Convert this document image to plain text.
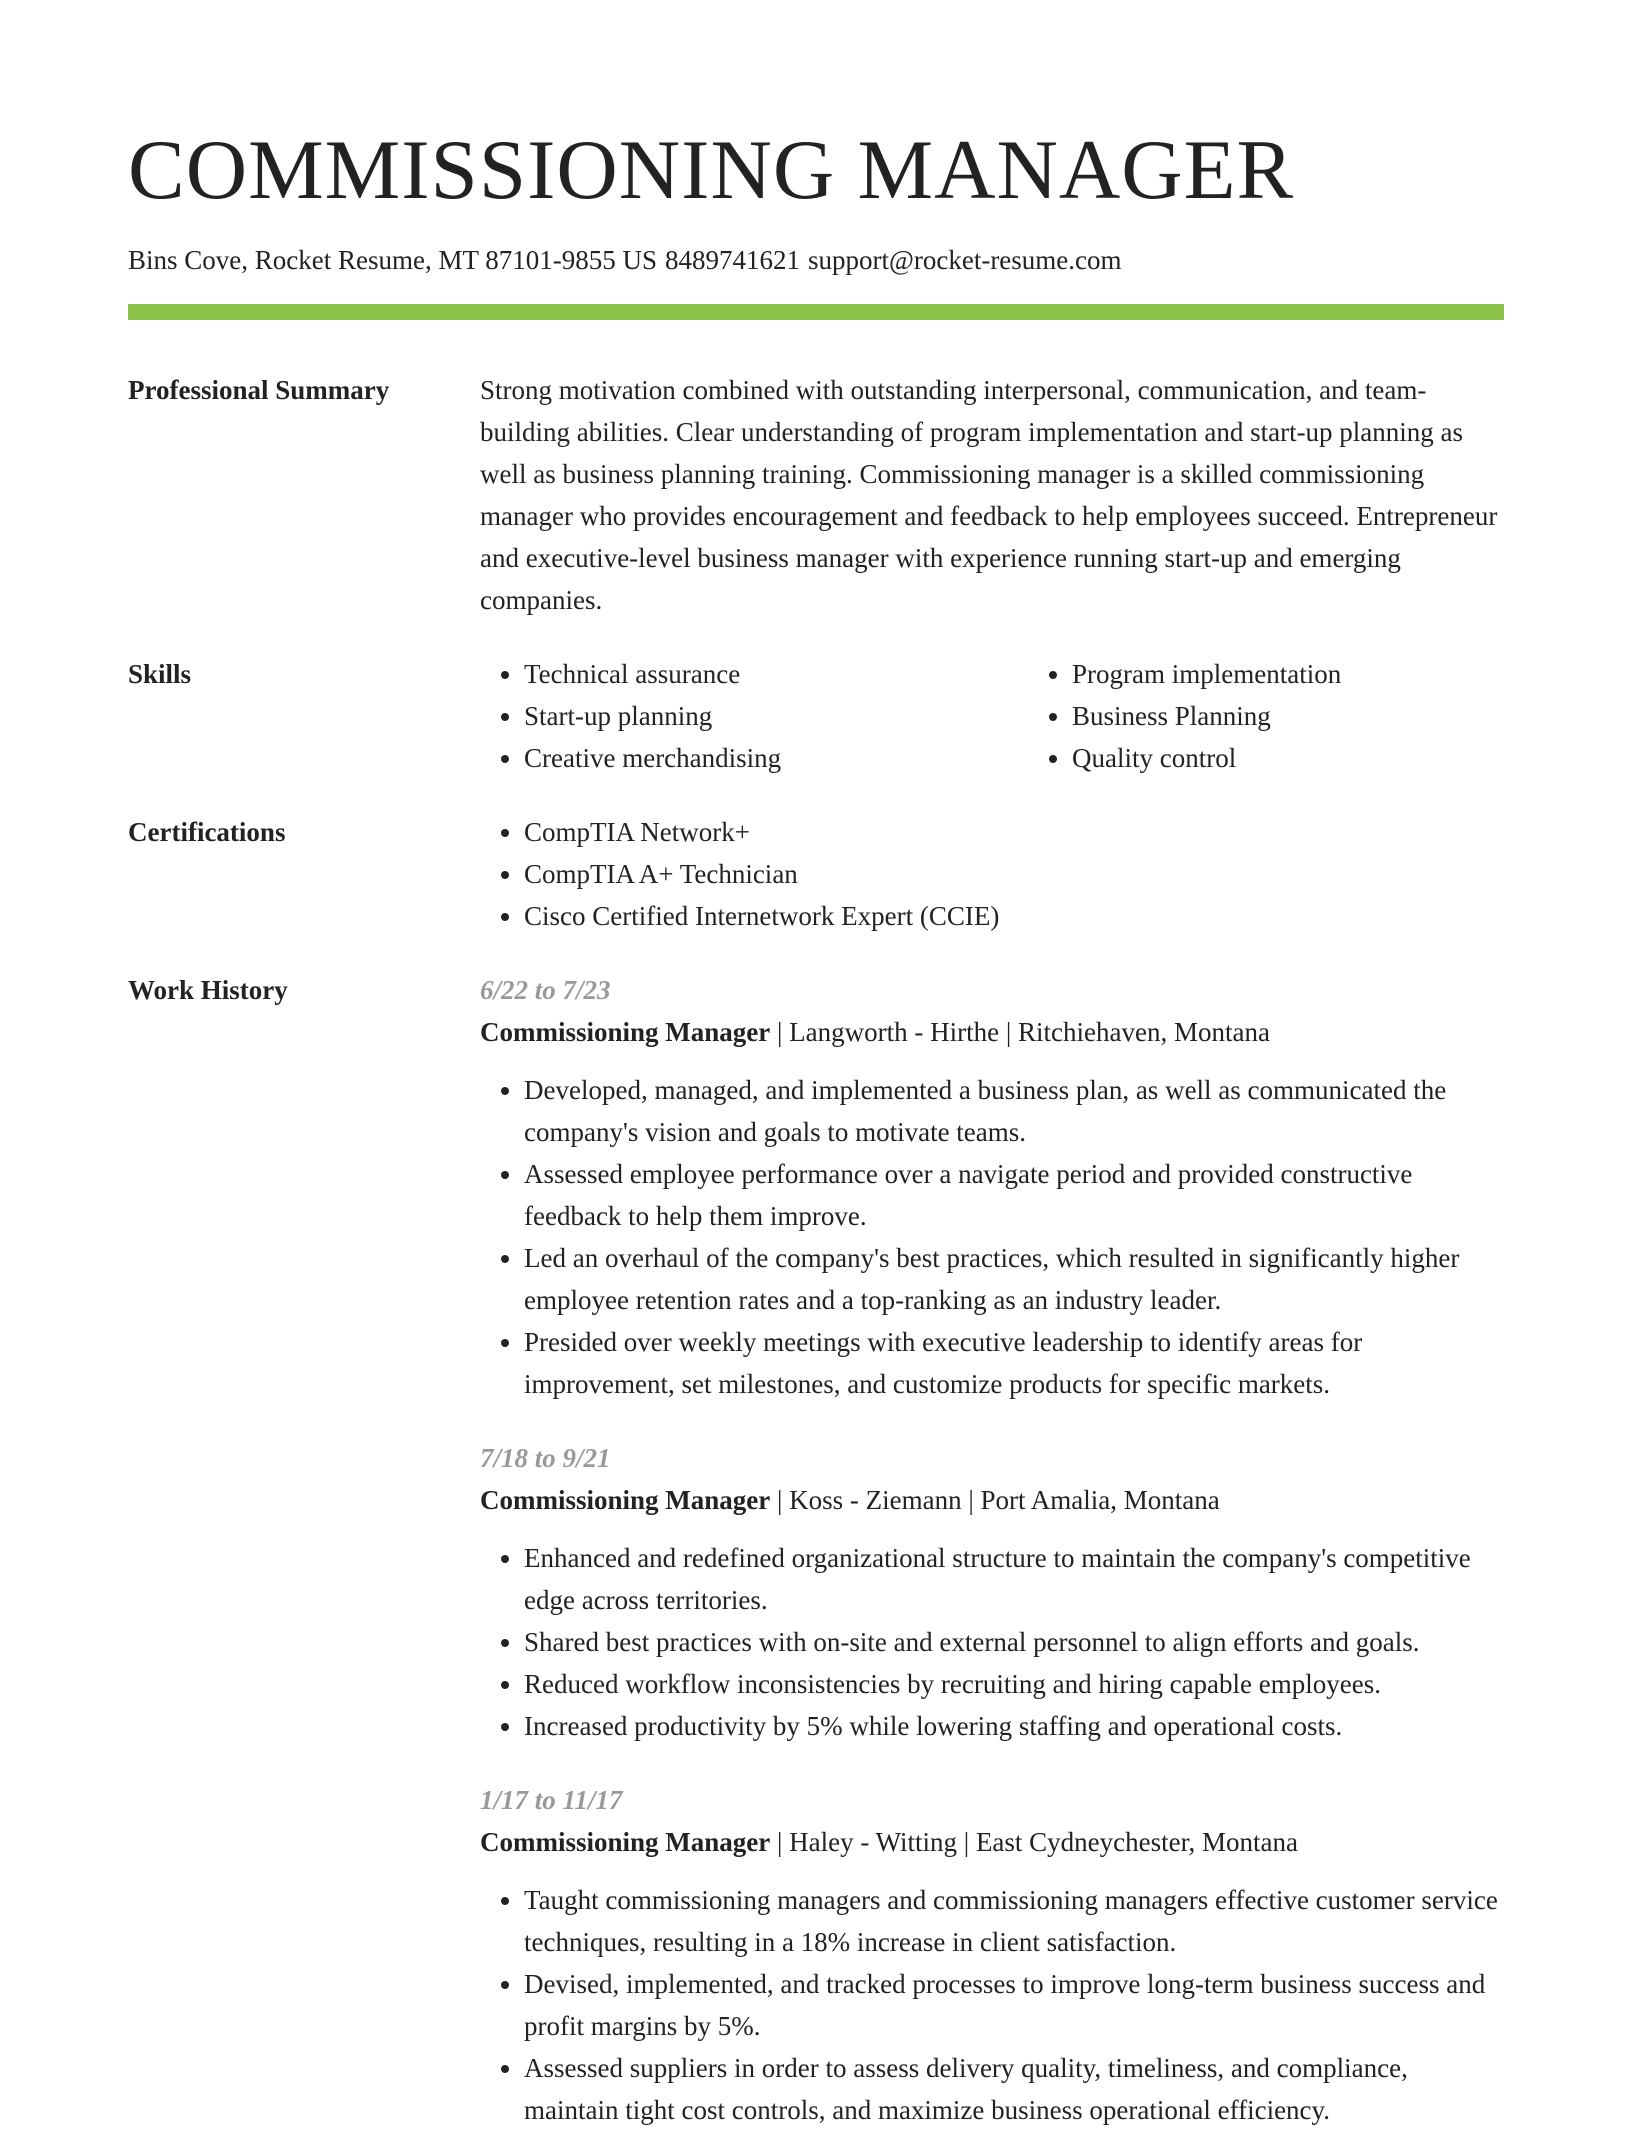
COMMISSIONING MANAGER
Bins Cove, Rocket Resume, MT 87101-9855 US 8489741621 support@rocket-resume.com
Professional Summary	Strong motivation combined with outstanding interpersonal, communication, and team-building abilities. Clear understanding of program implementation and start-up planning as well as business planning training. Commissioning manager is a skilled commissioning manager who provides encouragement and feedback to help employees succeed. Entrepreneur and executive-level business manager with experience running start-up and emerging companies.
Skills	• Technical assurance
• Start-up planning
• Creative merchandising
• Program implementation
• Business Planning
• Quality control
Certifications	• CompTIA Network+
• CompTIA A+ Technician
• Cisco Certified Internetwork Expert (CCIE)
Work History	6/22 to 7/23
Commissioning Manager | Langworth - Hirthe | Ritchiehaven, Montana
• Developed, managed, and implemented a business plan, as well as communicated the company's vision and goals to motivate teams.
• Assessed employee performance over a navigate period and provided constructive feedback to help them improve.
• Led an overhaul of the company's best practices, which resulted in significantly higher employee retention rates and a top-ranking as an industry leader.
• Presided over weekly meetings with executive leadership to identify areas for improvement, set milestones, and customize products for specific markets.
7/18 to 9/21
Commissioning Manager | Koss - Ziemann | Port Amalia, Montana
• Enhanced and redefined organizational structure to maintain the company's competitive edge across territories.
• Shared best practices with on-site and external personnel to align efforts and goals.
• Reduced workflow inconsistencies by recruiting and hiring capable employees.
• Increased productivity by 5% while lowering staffing and operational costs.
1/17 to 11/17
Commissioning Manager | Haley - Witting | East Cydneychester, Montana
• Taught commissioning managers and commissioning managers effective customer service techniques, resulting in a 18% increase in client satisfaction.
• Devised, implemented, and tracked processes to improve long-term business success and profit margins by 5%.
• Assessed suppliers in order to assess delivery quality, timeliness, and compliance, maintain tight cost controls, and maximize business operational efficiency.
